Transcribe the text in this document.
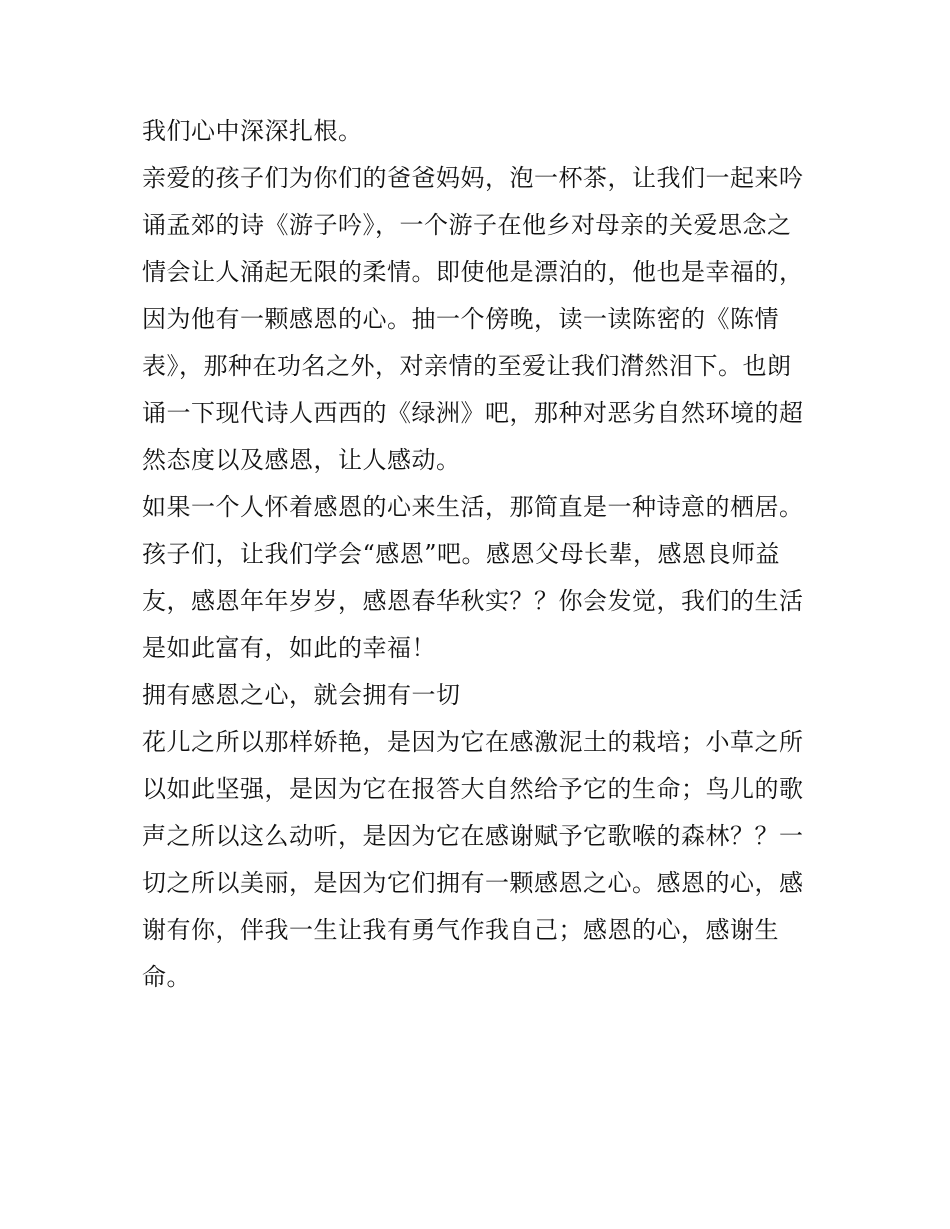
我们心中深深扎根。
亲爱的孩子们为你们的爸爸妈妈，泡一杯茶，让我们一起来吟
诵孟郊的诗《游子吟》，一个游子在他乡对母亲的关爱思念之
情会让人涌起无限的柔情。即使他是漂泊的，他也是幸福的，
因为他有一颗感恩的心。抽一个傍晚，读一读陈密的《陈情
表》，那种在功名之外，对亲情的至爱让我们潸然泪下。也朗
诵一下现代诗人西西的《绿洲》吧，那种对恶劣自然环境的超
然态度以及感恩，让人感动。
如果一个人怀着感恩的心来生活，那简直是一种诗意的栖居。
孩子们，让我们学会“感恩”吧。感恩父母长辈，感恩良师益
友，感恩年年岁岁，感恩春华秋实？？你会发觉，我们的生活
是如此富有，如此的幸福！
拥有感恩之心，就会拥有一切
花儿之所以那样娇艳，是因为它在感激泥土的栽培；小草之所
以如此坚强，是因为它在报答大自然给予它的生命；鸟儿的歌
声之所以这么动听，是因为它在感谢赋予它歌喉的森林？？一
切之所以美丽，是因为它们拥有一颗感恩之心。感恩的心，感
谢有你，伴我一生让我有勇气作我自己；感恩的心，感谢生
命。
